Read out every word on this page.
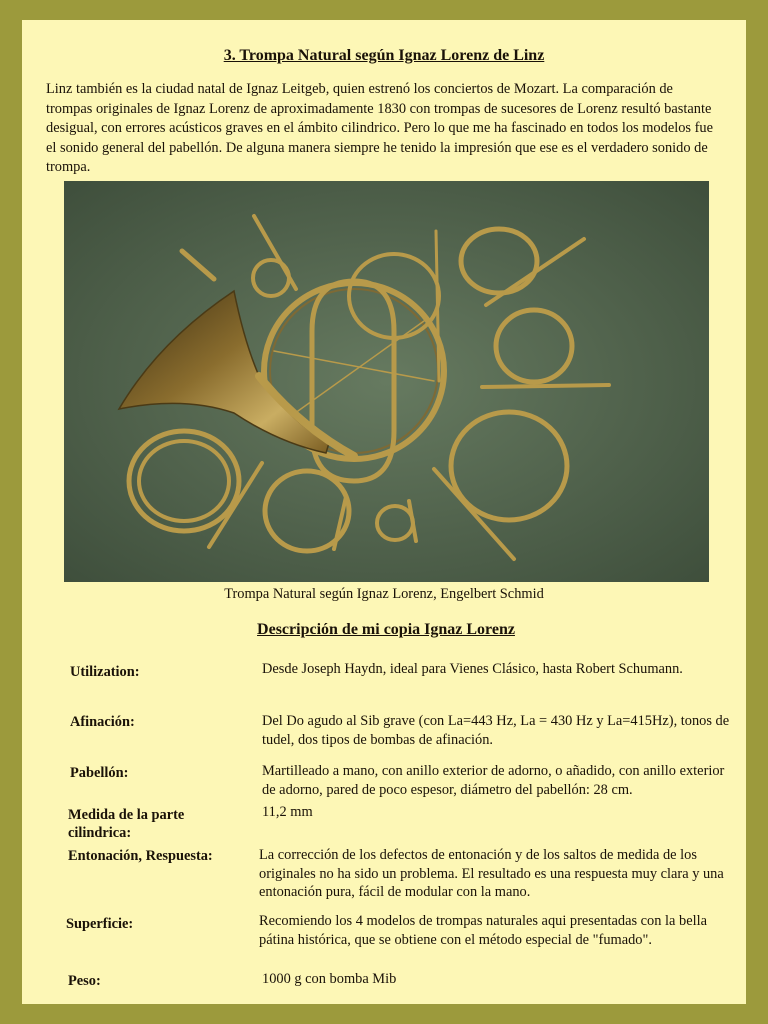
3. Trompa Natural según Ignaz Lorenz de Linz

Linz también es la ciudad natal de Ignaz Leitgeb, quien estrenó los conciertos de Mozart. La comparación de trompas originales de Ignaz Lorenz de aproximadamente 1830 con trompas de sucesores de Lorenz resultó bastante desigual, con errores acústicos graves en el ámbito cilindrico. Pero lo que me ha fascinado en todos los modelos fue el sonido general del pabellón. De alguna manera siempre he tenido la impresión que ese es el verdadero sonido de trompa.

Trompa Natural según Ignaz Lorenz, Engelbert Schmid
Descripción de mi copia Ignaz Lorenz
Utilization:	Desde Joseph Haydn, ideal para Vienes Clásico, hasta Robert Schumann.
Afinación:	Del Do agudo al Sib grave (con La=443 Hz, La = 430 Hz y La=415Hz), tonos de tudel, dos tipos de bombas de afinación.
Pabellón:	Martilleado a mano, con anillo exterior de adorno, o añadido, con anillo exterior de adorno, pared de poco espesor, diámetro del pabellón: 28 cm.
Medida de la parte cilindrica:
11,2 mm
Entonación, Respuesta:	La corrección de los defectos de entonación y de los saltos de medida de los originales no ha sido un problema. El resultado es una respuesta muy clara y una entonación pura, fácil de modular con la mano.
Superficie:	Recomiendo los 4 modelos de trompas naturales aqui presentadas con la bella pátina histórica, que se obtiene con el método especial de "fumado".
Peso:	1000 g con bomba Mib
